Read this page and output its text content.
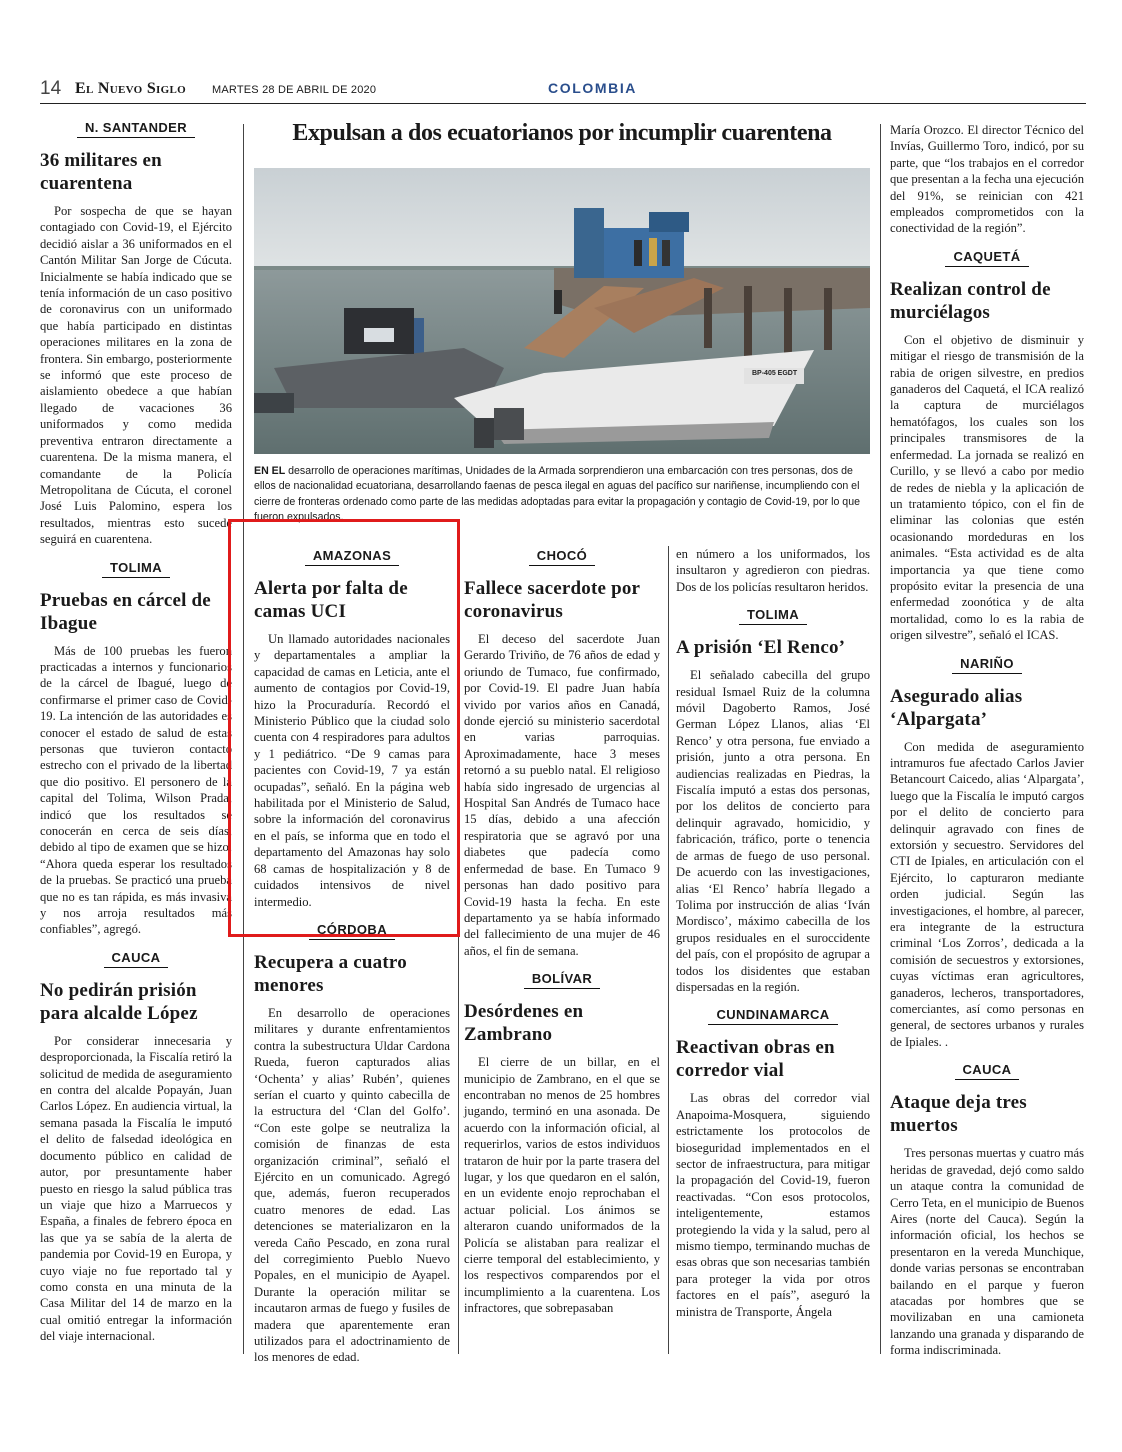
14 El Nuevo Siglo MARTES 28 DE ABRIL DE 2020	COLOMBIA
N. SANTANDER
36 militares en cuarentena

Por sospecha de que se hayan contagiado con Covid-19, el Ejército decidió aislar a 36 uniformados en el Cantón Militar San Jorge de Cúcuta. Inicialmente se había indicado que se tenía información de un caso positivo de coronavirus con un uniformado que había participado en distintas operaciones militares en la zona de frontera. Sin embargo, posteriormente se informó que este proceso de aislamiento obedece a que habían llegado de vacaciones 36 uniformados y como medida preventiva entraron directamente a cuarentena. De la misma manera, el comandante de la Policía Metropolitana de Cúcuta, el coronel José Luis Palomino, espera los resultados, mientras esto sucede seguirá en cuarentena.

TOLIMA
Pruebas en cárcel de Ibague

Más de 100 pruebas les fueron practicadas a internos y funcionarios de la cárcel de Ibagué, luego de confirmarse el primer caso de Covid-19. La intención de las autoridades es conocer el estado de salud de estas personas que tuvieron contacto estrecho con el privado de la libertad que dio positivo. El personero de la capital del Tolima, Wilson Prada, indicó que los resultados se conocerán en cerca de seis días, debido al tipo de examen que se hizo. “Ahora queda esperar los resultados de la pruebas. Se practicó una prueba que no es tan rápida, es más invasiva y nos arroja resultados más confiables”, agregó.

CAUCA
No pedirán prisión para alcalde López

Por considerar innecesaria y desproporcionada, la Fiscalía retiró la solicitud de medida de aseguramiento en contra del alcalde Popayán, Juan Carlos López. En audiencia virtual, la semana pasada la Fiscalía le imputó el delito de falsedad ideológica en documento público en calidad de autor, por presuntamente haber puesto en riesgo la salud pública tras un viaje que hizo a Marruecos y España, a finales de febrero época en las que ya se sabía de la alerta de pandemia por Covid-19 en Europa, y cuyo viaje no fue reportado tal y como consta en una minuta de la Casa Militar del 14 de marzo en la cual omitió entregar la información del viaje internacional.

Expulsan a dos ecuatorianos por incumplir cuarentena
BP-405 EGDT

EN EL desarrollo de operaciones marítimas, Unidades de la Armada sorprendieron una embarcación con tres personas, dos de ellos de nacionalidad ecuatoriana, desarrollando faenas de pesca ilegal en aguas del pacífico sur nariñense, incumpliendo con el cierre de fronteras ordenado como parte de las medidas adoptadas para evitar la propagación y contagio de Covid-19, por lo que fueron expulsados.

AMAZONAS
Alerta por falta de camas UCI

Un llamado autoridades nacionales y departamentales a ampliar la capacidad de camas en Leticia, ante el aumento de contagios por Covid-19, hizo la Procuraduría. Recordó el Ministerio Público que la ciudad solo cuenta con 4 respiradores para adultos y 1 pediátrico. “De 9 camas para pacientes con Covid-19, 7 ya están ocupadas”, señaló. En la página web habilitada por el Ministerio de Salud, sobre la información del coronavirus en el país, se informa que en todo el departamento del Amazonas hay solo 68 camas de hospitalización y 8 de cuidados intensivos de nivel intermedio.

CÓRDOBA
Recupera a cuatro menores

En desarrollo de operaciones militares y durante enfrentamientos contra la subestructura Uldar Cardona Rueda, fueron capturados alias ‘Ochenta’ y alias’ Rubén’, quienes serían el cuarto y quinto cabecilla de la estructura del ‘Clan del Golfo’. “Con este golpe se neutraliza la comisión de finanzas de esta organización criminal”, señaló el Ejército en un comunicado. Agregó que, además, fueron recuperados cuatro menores de edad. Las detenciones se materializaron en la vereda Caño Pescado, en zona rural del corregimiento Pueblo Nuevo Popales, en el municipio de Ayapel. Durante la operación militar se incautaron armas de fuego y fusiles de madera que aparentemente eran utilizados para el adoctrinamiento de los menores de edad.

CHOCÓ
Fallece sacerdote por coronavirus

El deceso del sacerdote Juan Gerardo Triviño, de 76 años de edad y oriundo de Tumaco, fue confirmado, por Covid-19. El padre Juan había vivido por varios años en Canadá, donde ejerció su ministerio sacerdotal en varias parroquias. Aproximadamente, hace 3 meses retornó a su pueblo natal. El religioso había sido ingresado de urgencias al Hospital San Andrés de Tumaco hace 15 días, debido a una afección respiratoria que se agravó por una diabetes que padecía como enfermedad de base. En Tumaco 9 personas han dado positivo para Covid-19 hasta la fecha. En este departamento ya se había informado del fallecimiento de una mujer de 46 años, el fin de semana.

BOLÍVAR
Desórdenes en Zambrano

El cierre de un billar, en el municipio de Zambrano, en el que se encontraban no menos de 25 hombres jugando, terminó en una asonada. De acuerdo con la información oficial, al requerirlos, varios de estos individuos trataron de huir por la parte trasera del lugar, y los que quedaron en el salón, en un evidente enojo reprochaban el actuar policial. Los ánimos se alteraron cuando uniformados de la Policía se alistaban para realizar el cierre temporal del establecimiento, y los respectivos comparendos por el incumplimiento a la cuarentena. Los infractores, que sobrepasaban

en número a los uniformados, los insultaron y agredieron con piedras. Dos de los policías resultaron heridos.

TOLIMA
A prisión ‘El Renco’

El señalado cabecilla del grupo residual Ismael Ruiz de la columna móvil Dagoberto Ramos, José German López Llanos, alias ‘El Renco’ y otra persona, fue enviado a prisión, junto a otra persona. En audiencias realizadas en Piedras, la Fiscalía imputó a estas dos personas, por los delitos de concierto para delinquir agravado, homicidio, y fabricación, tráfico, porte o tenencia de armas de fuego de uso personal. De acuerdo con las investigaciones, alias ‘El Renco’ habría llegado a Tolima por instrucción de alias ‘Iván Mordisco’, máximo cabecilla de los grupos residuales en el suroccidente del país, con el propósito de agrupar a todos los disidentes que estaban dispersadas en la región.

CUNDINAMARCA
Reactivan obras en corredor vial

Las obras del corredor vial Anapoima-Mosquera, siguiendo estrictamente los protocolos de bioseguridad implementados en el sector de infraestructura, para mitigar la propagación del Covid-19, fueron reactivadas. “Con esos protocolos, inteligentemente, estamos protegiendo la vida y la salud, pero al mismo tiempo, terminando muchas de esas obras que son necesarias también para proteger la vida por otros factores en el país”, aseguró la ministra de Transporte, Ángela

María Orozco. El director Técnico del Invías, Guillermo Toro, indicó, por su parte, que “los trabajos en el corredor que presentan a la fecha una ejecución del 91%, se reinician con 421 empleados comprometidos con la conectividad de la región”.

CAQUETÁ
Realizan control de murciélagos

Con el objetivo de disminuir y mitigar el riesgo de transmisión de la rabia de origen silvestre, en predios ganaderos del Caquetá, el ICA realizó la captura de murciélagos hematófagos, los cuales son los principales transmisores de la enfermedad. La jornada se realizó en Curillo, y se llevó a cabo por medio de redes de niebla y la aplicación de un tratamiento tópico, con el fin de eliminar las colonias que estén ocasionando mordeduras en los animales. “Esta actividad es de alta importancia ya que tiene como propósito evitar la presencia de una enfermedad zoonótica y de alta mortalidad, como lo es la rabia de origen silvestre”, señaló el ICAS.

NARIÑO
Asegurado alias ‘Alpargata’

Con medida de aseguramiento intramuros fue afectado Carlos Javier Betancourt Caicedo, alias ‘Alpargata’, luego que la Fiscalía le imputó cargos por el delito de concierto para delinquir agravado con fines de extorsión y secuestro. Servidores del CTI de Ipiales, en articulación con el Ejército, lo capturaron mediante orden judicial. Según las investigaciones, el hombre, al parecer, era integrante de la estructura criminal ‘Los Zorros’, dedicada a la comisión de secuestros y extorsiones, cuyas víctimas eran agricultores, ganaderos, lecheros, transportadores, comerciantes, así como personas en general, de sectores urbanos y rurales de Ipiales. .

CAUCA
Ataque deja tres muertos

Tres personas muertas y cuatro más heridas de gravedad, dejó como saldo un ataque contra la comunidad de Cerro Teta, en el municipio de Buenos Aires (norte del Cauca). Según la información oficial, los hechos se presentaron en la vereda Munchique, donde varias personas se encontraban bailando en el parque y fueron atacadas por hombres que se movilizaban en una camioneta lanzando una granada y disparando de forma indiscriminada.
